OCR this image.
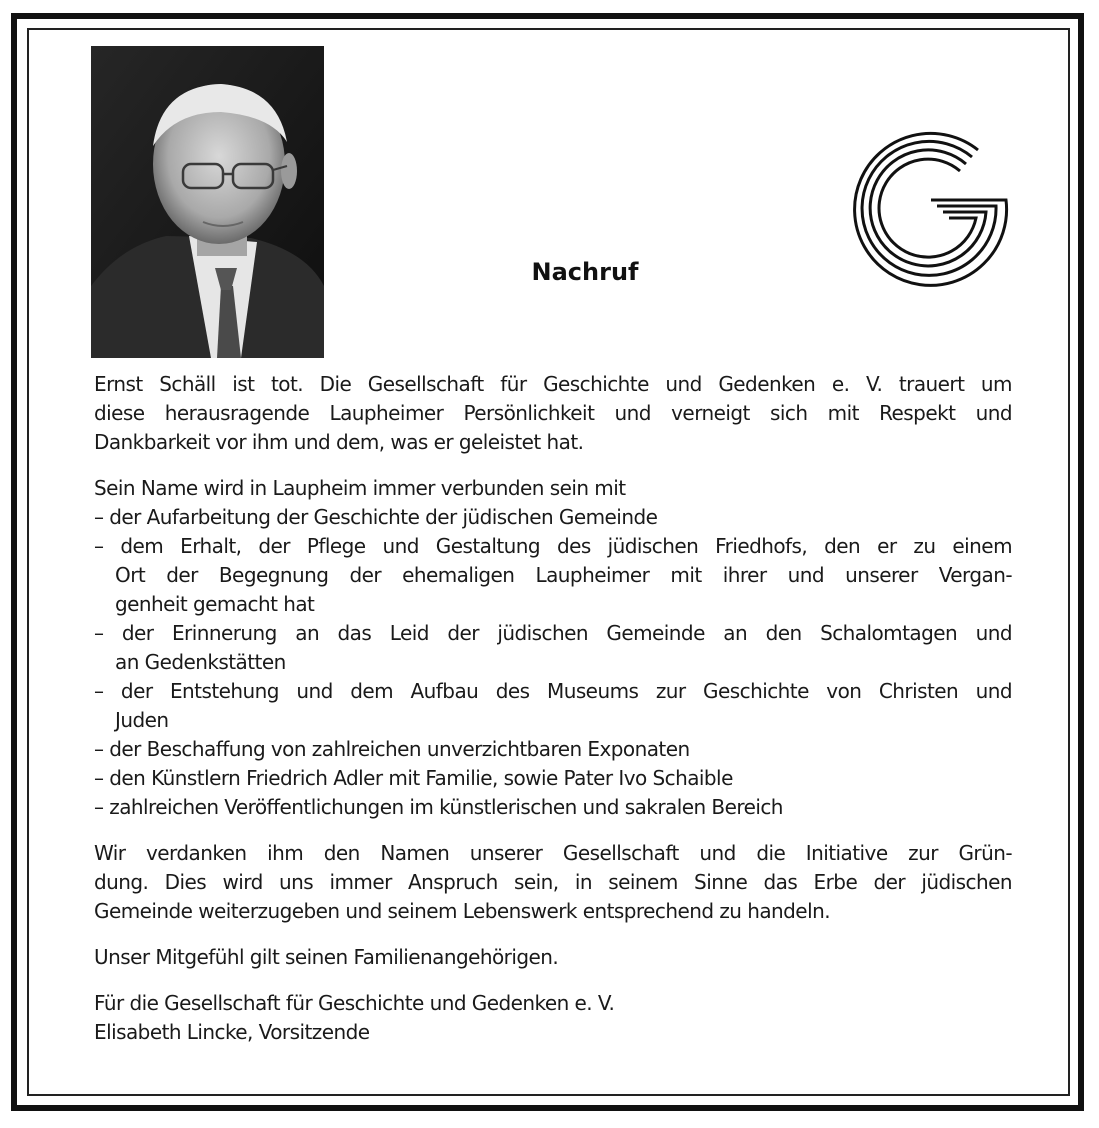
Nachruf
Ernst Schäll ist tot. Die Gesellschaft für Geschichte und Gedenken e. V. trauert um
diese herausragende Laupheimer Persönlichkeit und verneigt sich mit Respekt und
Dankbarkeit vor ihm und dem, was er geleistet hat.
Sein Name wird in Laupheim immer verbunden sein mit
– der Aufarbeitung der Geschichte der jüdischen Gemeinde
– dem Erhalt, der Pflege und Gestaltung des jüdischen Friedhofs, den er zu einem
Ort der Begegnung der ehemaligen Laupheimer mit ihrer und unserer Vergan-
genheit gemacht hat
– der Erinnerung an das Leid der jüdischen Gemeinde an den Schalomtagen und
an Gedenkstätten
– der Entstehung und dem Aufbau des Museums zur Geschichte von Christen und
Juden
– der Beschaffung von zahlreichen unverzichtbaren Exponaten
– den Künstlern Friedrich Adler mit Familie, sowie Pater Ivo Schaible
– zahlreichen Veröffentlichungen im künstlerischen und sakralen Bereich
Wir verdanken ihm den Namen unserer Gesellschaft und die Initiative zur Grün-
dung. Dies wird uns immer Anspruch sein, in seinem Sinne das Erbe der jüdischen
Gemeinde weiterzugeben und seinem Lebenswerk entsprechend zu handeln.
Unser Mitgefühl gilt seinen Familienangehörigen.
Für die Gesellschaft für Geschichte und Gedenken e. V.
Elisabeth Lincke, Vorsitzende
